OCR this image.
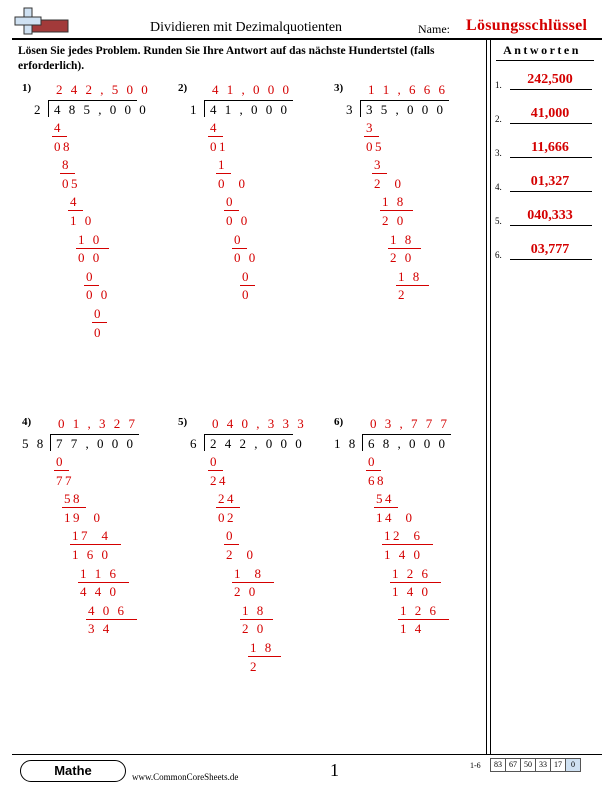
Dividieren mit Dezimalquotienten	Name: Lösungsschlüssel
Lösen Sie jedes Problem. Runden Sie Ihre Antwort auf das nächste Hundertstel (falls erforderlich).
Antworten
1.	242,500
2.	41,000
3.	11,666
4.	01,327
5.	040,333
6.	03,777
1)
2
2 4 2 , 5 0 0
4 8 5 , 0 0 0
4
08
8
05
4
1 0
1 0
0 0
0
0 0
0
0
2)
1
4 1 , 0 0 0
4 1 , 0 0 0
4
01
1
0  0
0
0 0
0
0 0
0
0
3)
3
1 1 , 6 6 6
3 5 , 0 0 0
3
05
3
2  0
1 8
2 0
1 8
2 0
1 8
2
4)
5 8
0 1 , 3 2 7
7 7 , 0 0 0
0
77
58
19  0
17  4
1 6 0
1 1 6
4 4 0
4 0 6
3 4
5)
6
0 4 0 , 3 3 3
2 4 2 , 0 0 0
0
24
24
02
0
2  0
1  8
2 0
1 8
2 0
1 8
2
6)
1 8
0 3 , 7 7 7
6 8 , 0 0 0
0
68
54
14  0
12  6
1 4 0
1 2 6
1 4 0
1 2 6
1 4
Mathe	www.CommonCoreSheets.de	1	1-6	83 67 50 33 17	0
